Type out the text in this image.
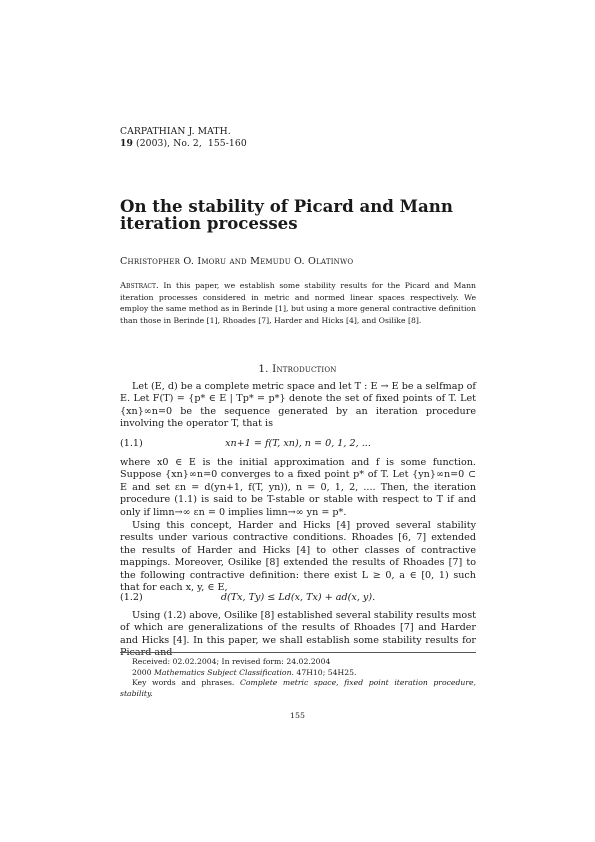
CARPATHIAN J. MATH.
19 (2003), No. 2, 155-160
On the stability of Picard and Mann iteration processes
Christopher O. Imoru and Memudu O. Olatinwo
Abstract. In this paper, we establish some stability results for the Picard and Mann iteration processes considered in metric and normed linear spaces respectively. We employ the same method as in Berinde [1], but using a more general contractive definition than those in Berinde [1], Rhoades [7], Harder and Hicks [4], and Osilike [8].
1. Introduction
Let (E, d) be a complete metric space and let T : E → E be a selfmap of E. Let F(T) = {p* ∈ E | Tp* = p*} denote the set of fixed points of T. Let {xn}∞n=0 be the sequence generated by an iteration procedure involving the operator T, that is
(1.1)	xn+1 = f(T, xn), n = 0, 1, 2, ...
where x0 ∈ E is the initial approximation and f is some function. Suppose {xn}∞n=0 converges to a fixed point p* of T. Let {yn}∞n=0 ⊂ E and set εn = d(yn+1, f(T, yn)), n = 0, 1, 2, .... Then, the iteration procedure (1.1) is said to be T-stable or stable with respect to T if and only if limn→∞ εn = 0 implies limn→∞ yn = p*.
Using this concept, Harder and Hicks [4] proved several stability results under various contractive conditions. Rhoades [6, 7] extended the results of Harder and Hicks [4] to other classes of contractive mappings. Moreover, Osilike [8] extended the results of Rhoades [7] to the following contractive definition: there exist L ≥ 0, a ∈ [0, 1) such that for each x, y, ∈ E,
(1.2)	d(Tx, Ty) ≤ Ld(x, Tx) + ad(x, y).
Using (1.2) above, Osilike [8] established several stability results most of which are generalizations of the results of Rhoades [7] and Harder and Hicks [4]. In this paper, we shall establish some stability results for Picard and
Received: 02.02.2004; In revised form: 24.02.2004
2000 Mathematics Subject Classification. 47H10; 54H25.
Key words and phrases. Complete metric space, fixed point iteration procedure, stability.
155
